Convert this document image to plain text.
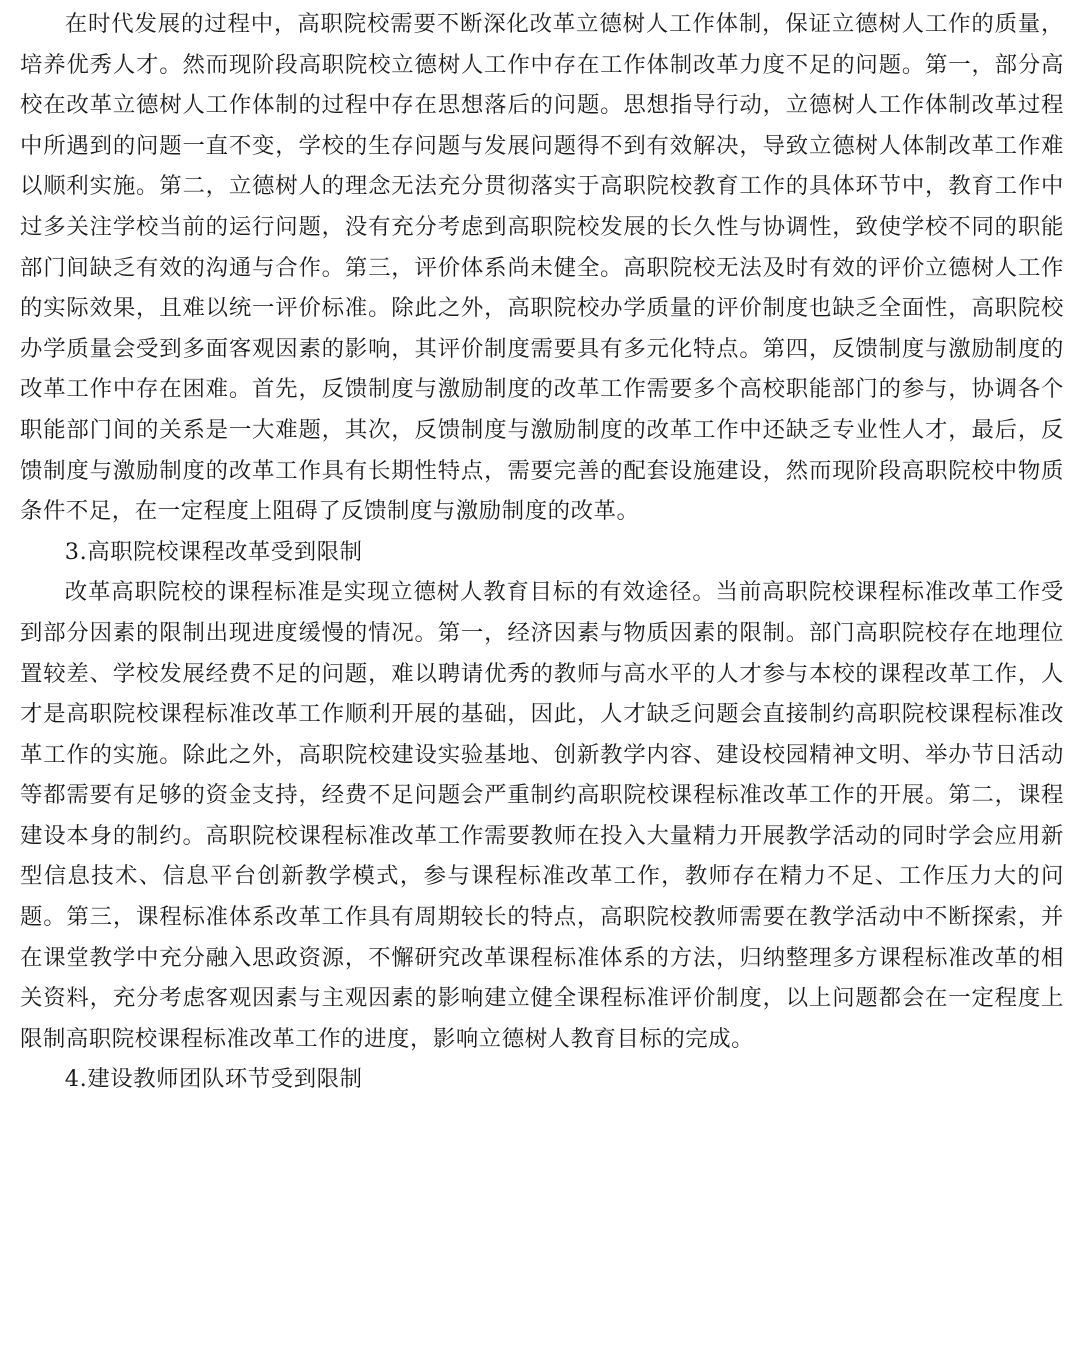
在时代发展的过程中，高职院校需要不断深化改革立德树人工作体制，保证立德树人工作的质量，培养优秀人才。然而现阶段高职院校立德树人工作中存在工作体制改革力度不足的问题。第一，部分高校在改革立德树人工作体制的过程中存在思想落后的问题。思想指导行动，立德树人工作体制改革过程中所遇到的问题一直不变，学校的生存问题与发展问题得不到有效解决，导致立德树人体制改革工作难以顺利实施。第二，立德树人的理念无法充分贯彻落实于高职院校教育工作的具体环节中，教育工作中过多关注学校当前的运行问题，没有充分考虑到高职院校发展的长久性与协调性，致使学校不同的职能部门间缺乏有效的沟通与合作。第三，评价体系尚未健全。高职院校无法及时有效的评价立德树人工作的实际效果，且难以统一评价标准。除此之外，高职院校办学质量的评价制度也缺乏全面性，高职院校办学质量会受到多面客观因素的影响，其评价制度需要具有多元化特点。第四，反馈制度与激励制度的改革工作中存在困难。首先，反馈制度与激励制度的改革工作需要多个高校职能部门的参与，协调各个职能部门间的关系是一大难题，其次，反馈制度与激励制度的改革工作中还缺乏专业性人才，最后，反馈制度与激励制度的改革工作具有长期性特点，需要完善的配套设施建设，然而现阶段高职院校中物质条件不足，在一定程度上阻碍了反馈制度与激励制度的改革。

3.高职院校课程改革受到限制

改革高职院校的课程标准是实现立德树人教育目标的有效途径。当前高职院校课程标准改革工作受到部分因素的限制出现进度缓慢的情况。第一，经济因素与物质因素的限制。部门高职院校存在地理位置较差、学校发展经费不足的问题，难以聘请优秀的教师与高水平的人才参与本校的课程改革工作，人才是高职院校课程标准改革工作顺利开展的基础，因此，人才缺乏问题会直接制约高职院校课程标准改革工作的实施。除此之外，高职院校建设实验基地、创新教学内容、建设校园精神文明、举办节日活动等都需要有足够的资金支持，经费不足问题会严重制约高职院校课程标准改革工作的开展。第二，课程建设本身的制约。高职院校课程标准改革工作需要教师在投入大量精力开展教学活动的同时学会应用新型信息技术、信息平台创新教学模式，参与课程标准改革工作，教师存在精力不足、工作压力大的问题。第三，课程标准体系改革工作具有周期较长的特点，高职院校教师需要在教学活动中不断探索，并在课堂教学中充分融入思政资源，不懈研究改革课程标准体系的方法，归纳整理多方课程标准改革的相关资料，充分考虑客观因素与主观因素的影响建立健全课程标准评价制度，以上问题都会在一定程度上限制高职院校课程标准改革工作的进度，影响立德树人教育目标的完成。

4.建设教师团队环节受到限制
